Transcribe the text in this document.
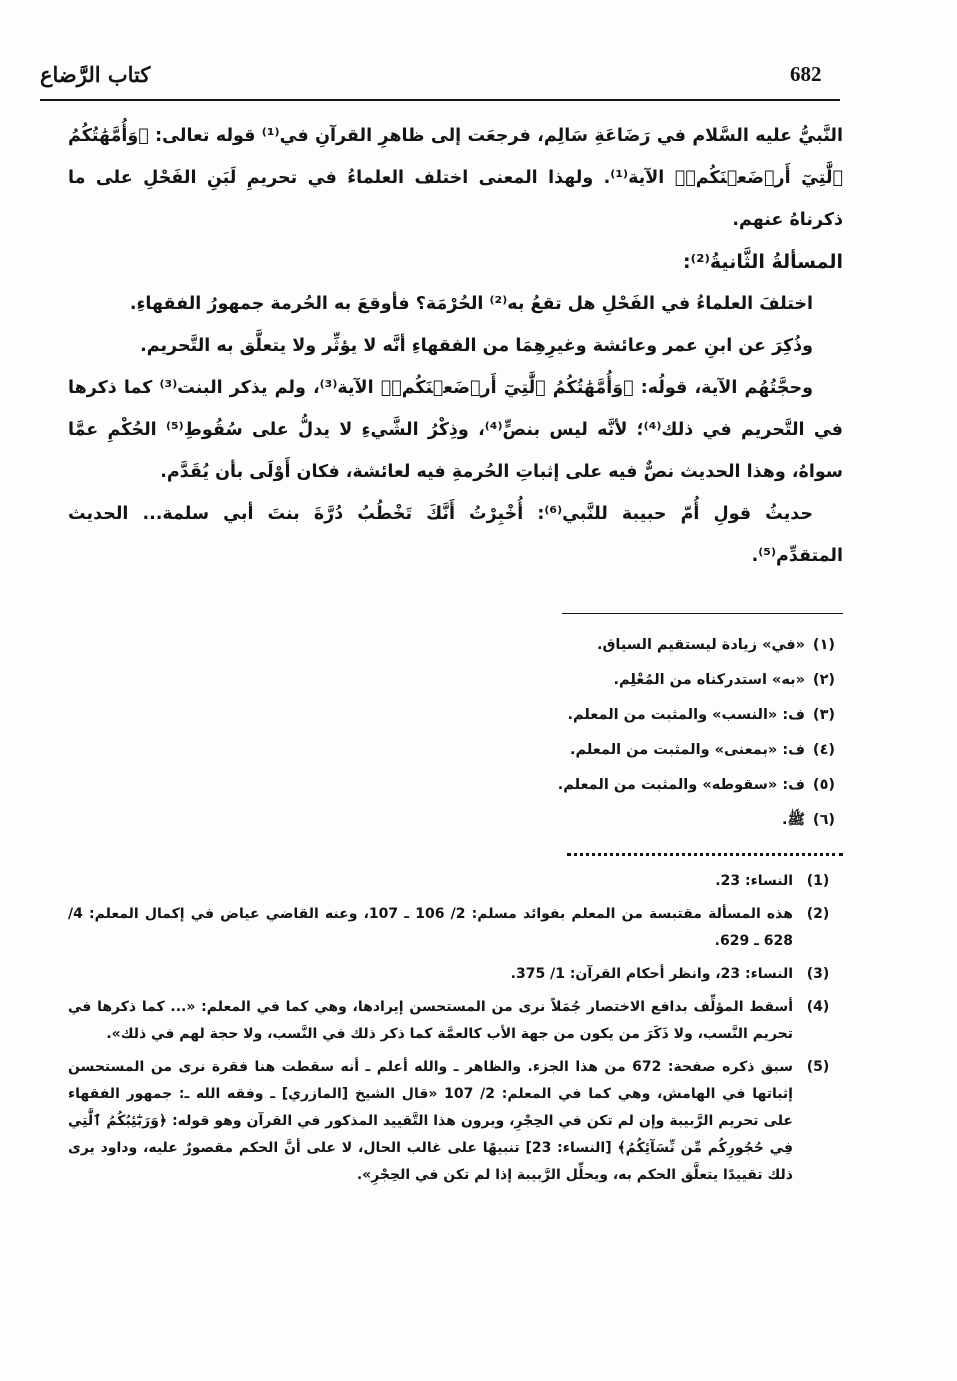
كتاب الرَّضاع	682

النَّبيُّ عليه السَّلام في رَضَاعَةِ سَالِم، فرجعَت إلى ظاهرِ القرآنِ في⁽¹⁾ قوله تعالى: ﴿وَأُمَّهَٰتُكُمُ ٱلَّٰتِيٓ أَرۡضَعۡنَكُمۡ﴾ الآية⁽¹⁾. ولهذا المعنى اختلف العلماءُ في تحريمِ لَبَنِ الفَحْلِ على ما ذكرناهُ عنهم.

المسألةُ الثَّانيةُ⁽²⁾:

اختلفَ العلماءُ في الفَحْلِ هل تقعُ به⁽²⁾ الحُرْمَة؟ فأوقعَ به الحُرمة جمهورُ الفقهاءِ.

وذُكِرَ عن ابنِ عمر وعائشة وغيرِهِمَا من الفقهاءِ أنَّه لا يؤثِّر ولا يتعلَّق به التَّحريم.

وحجَّتُهُم الآية، قولُه: ﴿وَأُمَّهَٰتُكُمُ ٱلَّٰتِيٓ أَرۡضَعۡنَكُمۡ﴾ الآية⁽³⁾، ولم يذكر البنت⁽³⁾ كما ذكرها في التَّحريم في ذلك⁽⁴⁾؛ لأنَّه ليس بنصٍّ⁽⁴⁾، وذِكْرُ الشَّيءِ لا يدلُّ على سُقُوطِ⁽⁵⁾ الحُكْمِ عمَّا سواهُ، وهذا الحديث نصٌّ فيه على إثباتِ الحُرمةِ فيه لعائشة، فكان أَوْلَى بأن يُقَدَّم.

حديثُ قولِ أُمّ حبيبة للنَّبي⁽⁶⁾: أُخْبِرْتُ أَنَّكَ تَخْطُبُ دُرَّةَ بنتَ أبي سلمة... الحديث المتقدِّم⁽⁵⁾.

(١)
«في» زيادة ليستقيم السياق.
(٢)
«به» استدركناه من المُعْلِم.
(٣)
ف: «النسب» والمثبت من المعلم.
(٤)
ف: «بمعنى» والمثبت من المعلم.
(٥)
ف: «سقوطه» والمثبت من المعلم.
(٦)
ﷺ.
(1)
النساء: 23.
(2)
هذه المسألة مقتبسة من المعلم بفوائد مسلم: 2/ 106 ـ 107، وعنه القاضي عياض في إكمال المعلم: 4/ 628 ـ 629.
(3)
النساء: 23، وانظر أحكام القرآن: 1/ 375.
(4)
أسقط المؤلِّف بدافع الاختصار جُمَلاً نرى من المستحسن إيرادها، وهي كما في المعلم: «... كما ذكرها في تحريم النَّسب، ولا ذَكَرَ من يكون من جهة الأب كالعمَّة كما ذكر ذلك في النَّسب، ولا حجة لهم في ذلك».
(5)
سبق ذكره صفحة: 672 من هذا الجزء. والظاهر ـ والله أعلم ـ أنه سقطت هنا فقرة نرى من المستحسن إثباتها في الهامش، وهي كما في المعلم: 2/ 107 «قال الشيخ [المازري] ـ وفقه الله ـ: جمهور الفقهاء على تحريم الرَّبيبة وإن لم تكن في الحِجْرِ، ويرون هذا التَّقييد المذكور في القرآن وهو قوله: ﴿وَرَبَٰٓئِبُكُمُ ٱلَّٰتِي فِي حُجُورِكُم مِّن نِّسَآئِكُمُ﴾ [النساء: 23] تنبيهًا على غالب الحال، لا على أنَّ الحكم مقصورٌ عليه، وداود يرى ذلك تقييدًا يتعلَّق الحكم به، ويحلِّل الرَّبيبة إذا لم تكن في الحِجْرِ».
